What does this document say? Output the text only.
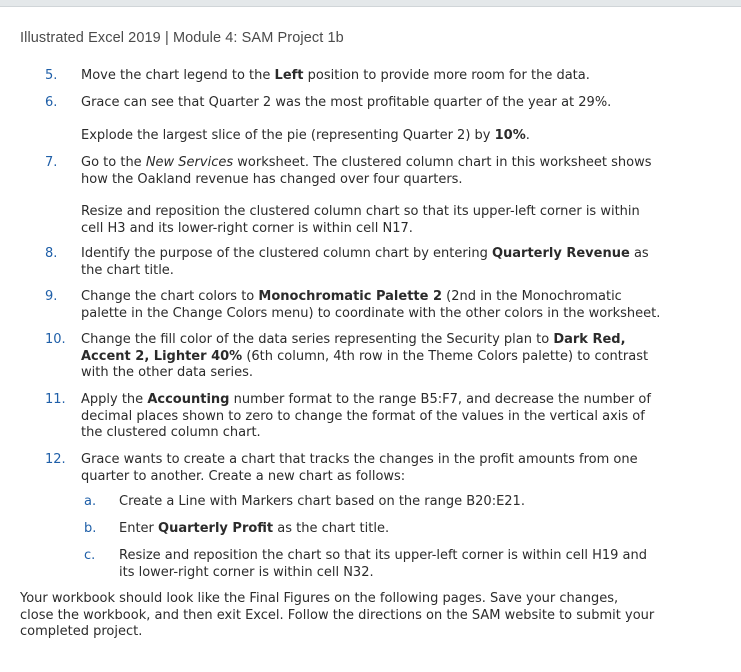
Illustrated Excel 2019 | Module 4: SAM Project 1b
5. Move the chart legend to the Left position to provide more room for the data.
6. Grace can see that Quarter 2 was the most profitable quarter of the year at 29%.
Explode the largest slice of the pie (representing Quarter 2) by 10%.
7. Go to the New Services worksheet. The clustered column chart in this worksheet shows
how the Oakland revenue has changed over four quarters.
Resize and reposition the clustered column chart so that its upper-left corner is within
cell H3 and its lower-right corner is within cell N17.
8. Identify the purpose of the clustered column chart by entering Quarterly Revenue as
the chart title.
9. Change the chart colors to Monochromatic Palette 2 (2nd in the Monochromatic
palette in the Change Colors menu) to coordinate with the other colors in the worksheet.
10. Change the fill color of the data series representing the Security plan to Dark Red,
Accent 2, Lighter 40% (6th column, 4th row in the Theme Colors palette) to contrast
with the other data series.
11. Apply the Accounting number format to the range B5:F7, and decrease the number of
decimal places shown to zero to change the format of the values in the vertical axis of
the clustered column chart.
12. Grace wants to create a chart that tracks the changes in the profit amounts from one
quarter to another. Create a new chart as follows:
a. Create a Line with Markers chart based on the range B20:E21.
b. Enter Quarterly Profit as the chart title.
c. Resize and reposition the chart so that its upper-left corner is within cell H19 and
its lower-right corner is within cell N32.
Your workbook should look like the Final Figures on the following pages. Save your changes,
close the workbook, and then exit Excel. Follow the directions on the SAM website to submit your
completed project.
